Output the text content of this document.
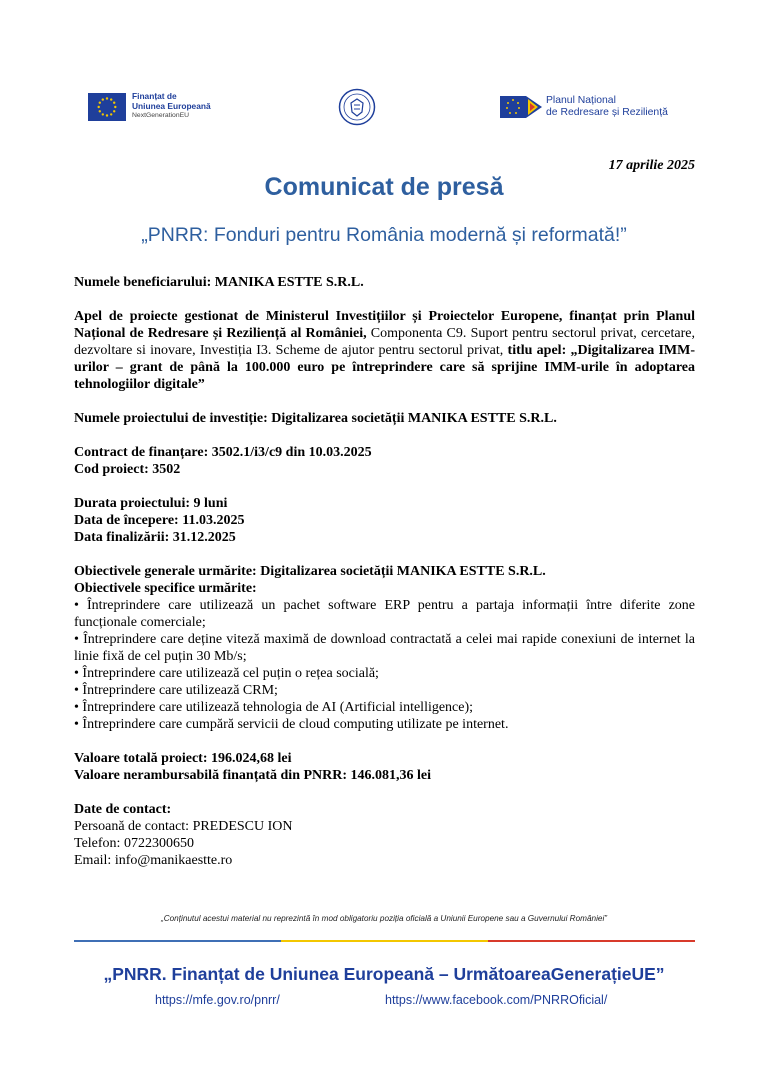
Finanțat de
Uniunea Europeană
NextGenerationEU
Planul Național
de Redresare și Reziliență
17 aprilie 2025
Comunicat de presă
„PNRR: Fonduri pentru România modernă și reformată!”

Numele beneficiarului: MANIKA ESTTE S.R.L.

Apel de proiecte gestionat de Ministerul Investițiilor și Proiectelor Europene, finanțat prin Planul Național de Redresare și Reziliență al României, Componenta C9. Suport pentru sectorul privat, cercetare, dezvoltare si inovare, Investiția I3. Scheme de ajutor pentru sectorul privat, titlu apel: „Digitalizarea IMM-urilor – grant de până la 100.000 euro pe întreprindere care să sprijine IMM-urile în adoptarea tehnologiilor digitale”

Numele proiectului de investiție: Digitalizarea societății MANIKA ESTTE S.R.L.

Contract de finanțare: 3502.1/i3/c9 din 10.03.2025

Cod proiect: 3502

Durata proiectului: 9 luni

Data de începere: 11.03.2025

Data finalizării: 31.12.2025

Obiectivele generale urmărite: Digitalizarea societății MANIKA ESTTE S.R.L.

Obiectivele specifice urmărite:

• Întreprindere care utilizează un pachet software ERP pentru a partaja informații între diferite zone funcționale comerciale;

• Întreprindere care deține viteză maximă de download contractată a celei mai rapide conexiuni de internet la linie fixă de cel puțin 30 Mb/s;

• Întreprindere care utilizează cel puțin o rețea socială;

• Întreprindere care utilizează CRM;

• Întreprindere care utilizează tehnologia de AI (Artificial intelligence);

• Întreprindere care cumpără servicii de cloud computing utilizate pe internet.

Valoare totală proiect: 196.024,68 lei

Valoare nerambursabilă finanțată din PNRR: 146.081,36 lei

Date de contact:

Persoană de contact: PREDESCU ION

Telefon: 0722300650

Email: info@manikaestte.ro

„Conținutul acestui material nu reprezintă în mod obligatoriu poziția oficială a Uniunii Europene sau a Guvernului României”
„PNRR. Finanțat de Uniunea Europeană – UrmătoareaGenerațieUE”
https://mfe.gov.ro/pnrr/	https://www.facebook.com/PNRROficial/
